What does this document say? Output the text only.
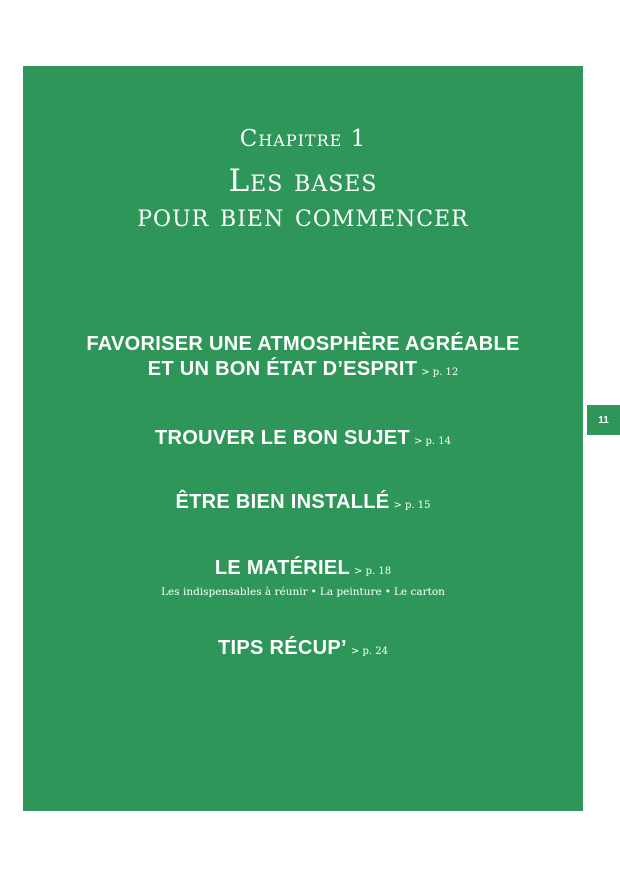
Chapitre 1
Les bases
pour bien commencer
FAVORISER UNE ATMOSPHÈRE AGRÉABLE
ET UN BON ÉTAT D’ESPRIT > p. 12
TROUVER LE BON SUJET > p. 14
ÊTRE BIEN INSTALLÉ > p. 15
LE MATÉRIEL > p. 18
Les indispensables à réunir • La peinture • Le carton
TIPS RÉCUP’ > p. 24
11
